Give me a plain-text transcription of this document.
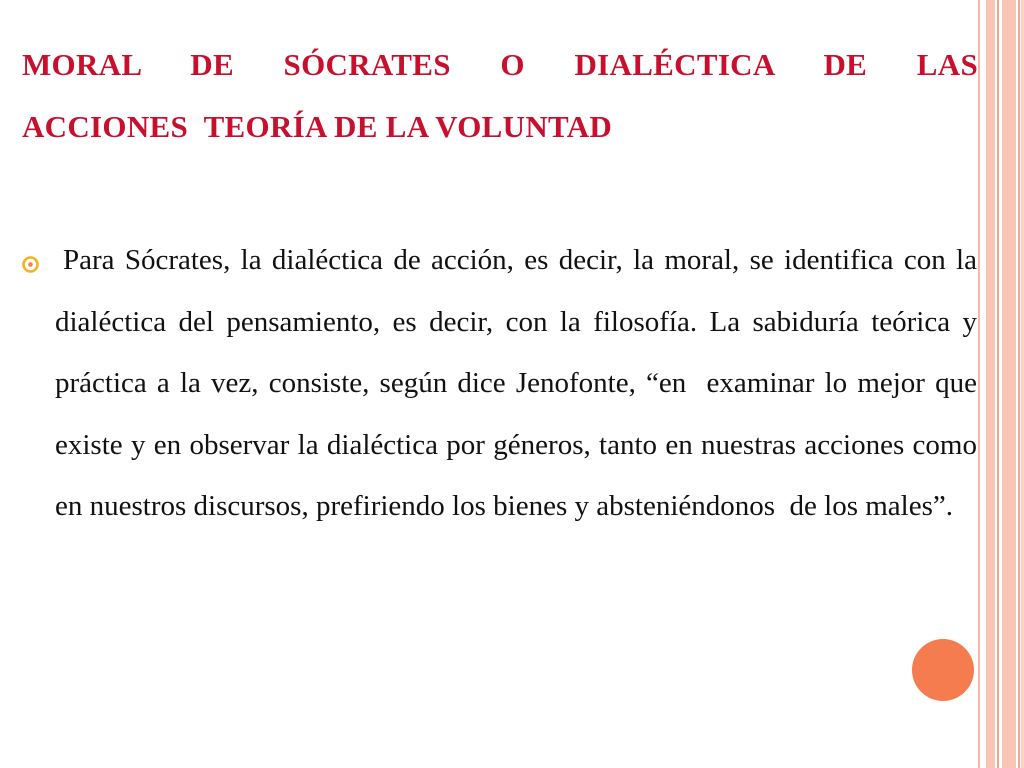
MORAL DE SÓCRATES O DIALÉCTICA DE LAS
ACCIONES  TEORÍA DE LA VOLUNTAD

Para Sócrates, la dialéctica de acción, es decir, la moral, se identifica con la dialéctica del pensamiento, es decir, con la filosofía. La sabiduría teórica y práctica a la vez, consiste, según dice Jenofonte, “en  examinar lo mejor que existe y en observar la dialéctica por géneros, tanto en nuestras acciones como en nuestros discursos, prefiriendo los bienes y absteniéndonos  de los males”.
